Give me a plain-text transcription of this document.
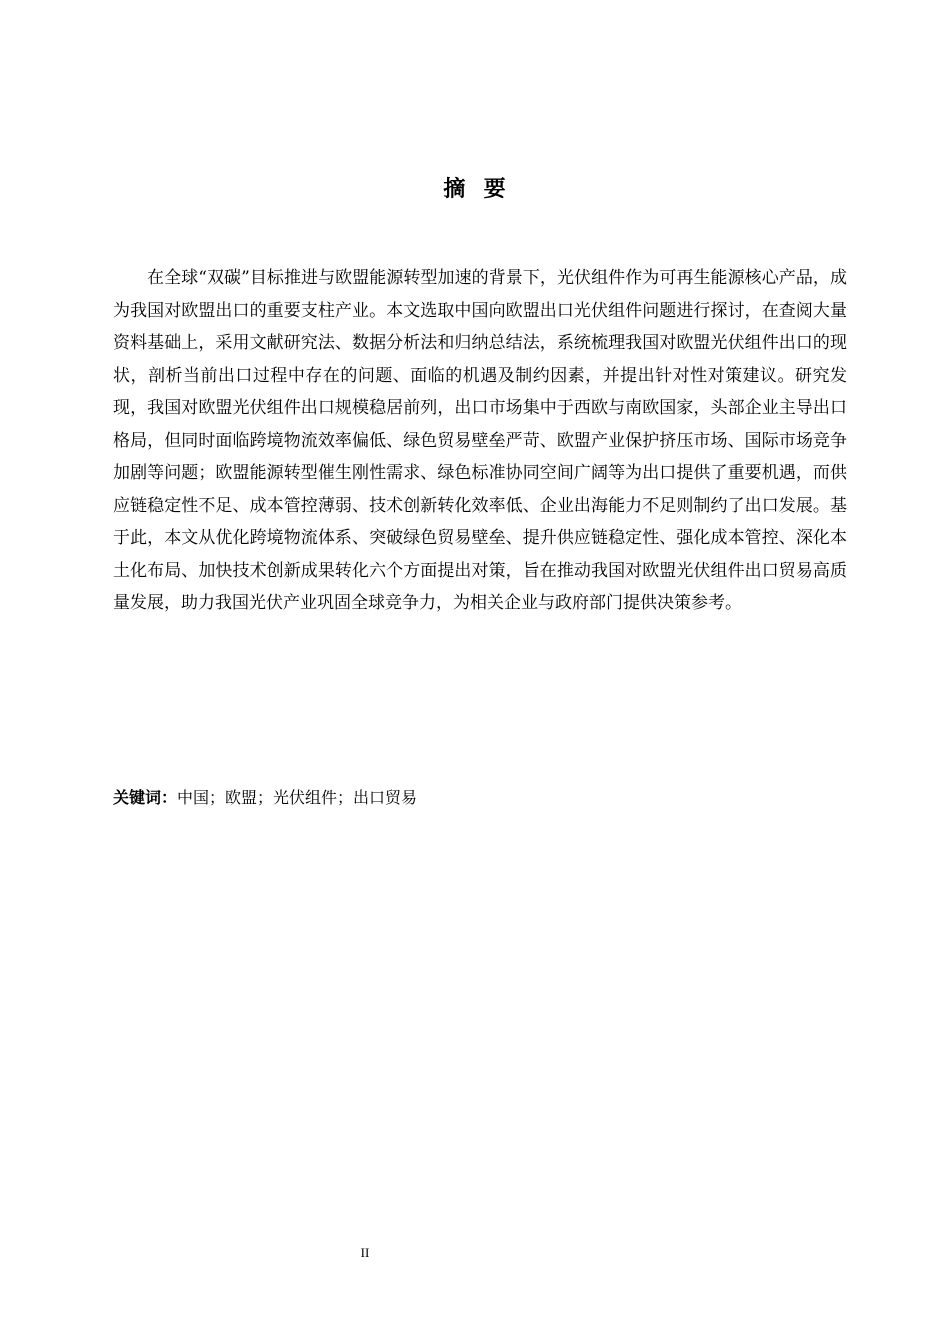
摘  要

在全球“双碳”目标推进与欧盟能源转型加速的背景下，光伏组件作为可再生能源核心产品，成为我国对欧盟出口的重要支柱产业。本文选取中国向欧盟出口光伏组件问题进行探讨，在查阅大量资料基础上，采用文献研究法、数据分析法和归纳总结法，系统梳理我国对欧盟光伏组件出口的现状，剖析当前出口过程中存在的问题、面临的机遇及制约因素，并提出针对性对策建议。研究发现，我国对欧盟光伏组件出口规模稳居前列，出口市场集中于西欧与南欧国家，头部企业主导出口格局，但同时面临跨境物流效率偏低、绿色贸易壁垒严苛、欧盟产业保护挤压市场、国际市场竞争加剧等问题；欧盟能源转型催生刚性需求、绿色标准协同空间广阔等为出口提供了重要机遇，而供应链稳定性不足、成本管控薄弱、技术创新转化效率低、企业出海能力不足则制约了出口发展。基于此，本文从优化跨境物流体系、突破绿色贸易壁垒、提升供应链稳定性、强化成本管控、深化本土化布局、加快技术创新成果转化六个方面提出对策，旨在推动我国对欧盟光伏组件出口贸易高质量发展，助力我国光伏产业巩固全球竞争力，为相关企业与政府部门提供决策参考。

关键词：中国；欧盟；光伏组件；出口贸易
II
